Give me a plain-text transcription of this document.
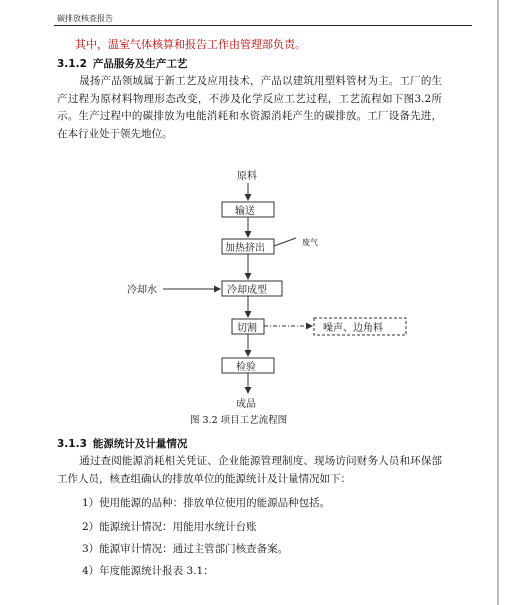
碳排放核查报告
其中，温室气体核算和报告工作由管理部负责。
3.1.2 产品服务及生产工艺
晟扬产品领域属于新工艺及应用技术，产品以建筑用塑料管材为主。工厂的生产过程为原材料物理形态改变，不涉及化学反应工艺过程，工艺流程如下图3.2所示。生产过程中的碳排放为电能消耗和水资源消耗产生的碳排放。工厂设备先进，在本行业处于领先地位。
原料
输送
加热挤出
废气
冷却成型
冷却水
切割	噪声、边角料
检验
成品
图 3.2 项目工艺流程图
3.1.3 能源统计及计量情况
通过查阅能源消耗相关凭证、企业能源管理制度、现场访问财务人员和环保部工作人员，核查组确认的排放单位的能源统计及计量情况如下：
1）使用能源的品种：排放单位使用的能源品种包括。
2）能源统计情况：用能用水统计台账
3）能源审计情况：通过主管部门核查备案。
4）年度能源统计报表 3.1：
